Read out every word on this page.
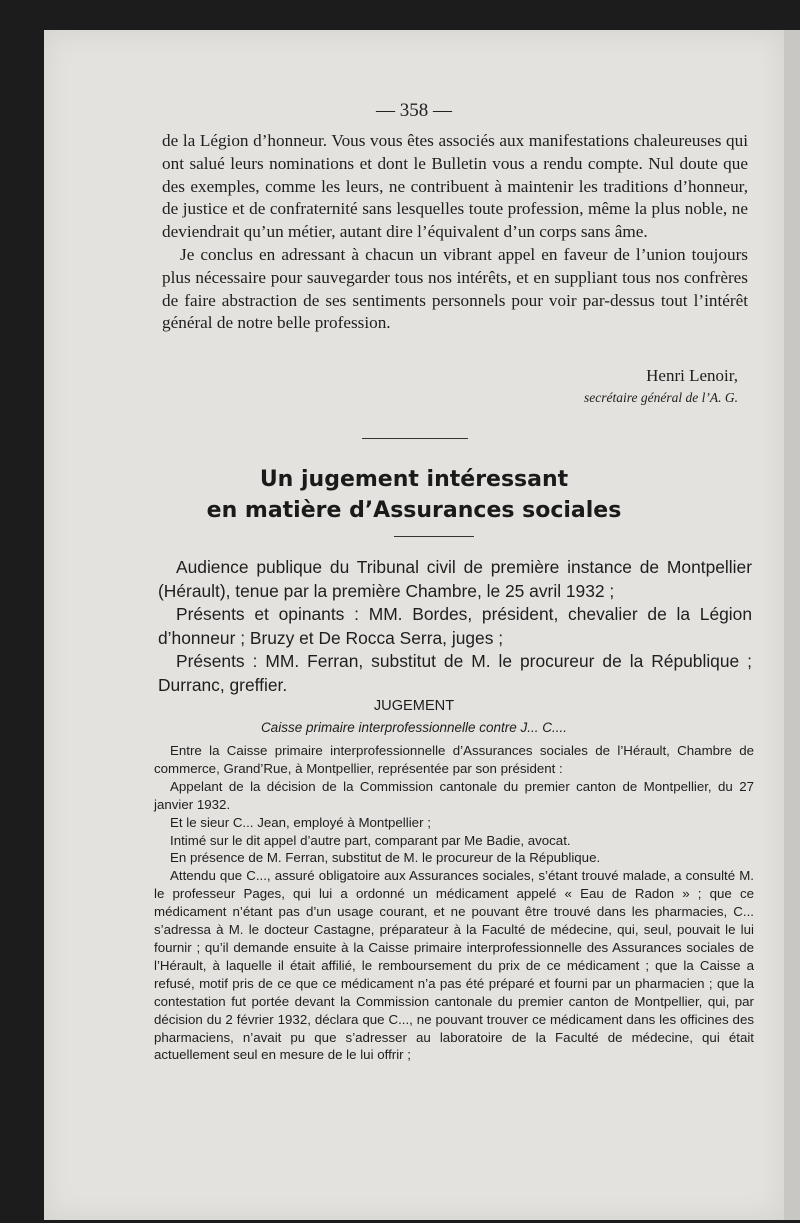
— 358 —

de la Légion d’honneur. Vous vous êtes associés aux manifestations chaleureuses qui ont salué leurs nominations et dont le Bulletin vous a rendu compte. Nul doute que des exemples, comme les leurs, ne contribuent à maintenir les traditions d’honneur, de justice et de confraternité sans lesquelles toute profession, même la plus noble, ne deviendrait qu’un métier, autant dire l’équivalent d’un corps sans âme.

Je conclus en adressant à chacun un vibrant appel en faveur de l’union toujours plus nécessaire pour sauvegarder tous nos intérêts, et en suppliant tous nos confrères de faire abstraction de ses sentiments personnels pour voir par-dessus tout l’intérêt général de notre belle profession.

Henri Lenoir,
secrétaire général de l’A. G.
Un jugement intéressant
en matière d’Assurances sociales

Audience publique du Tribunal civil de première instance de Montpellier (Hérault), tenue par la première Chambre, le 25 avril 1932 ;

Présents et opinants : MM. Bordes, président, chevalier de la Légion d’honneur ; Bruzy et De Rocca Serra, juges ;

Présents : MM. Ferran, substitut de M. le procureur de la République ; Durranc, greffier.

JUGEMENT
Caisse primaire interprofessionnelle contre J... C....

Entre la Caisse primaire interprofessionnelle d’Assurances sociales de l’Hérault, Chambre de commerce, Grand’Rue, à Montpellier, représentée par son président :

Appelant de la décision de la Commission cantonale du premier canton de Montpellier, du 27 janvier 1932.

Et le sieur C... Jean, employé à Montpellier ;

Intimé sur le dit appel d’autre part, comparant par Me Badie, avocat.

En présence de M. Ferran, substitut de M. le procureur de la République.

Attendu que C..., assuré obligatoire aux Assurances sociales, s’étant trouvé malade, a consulté M. le professeur Pages, qui lui a ordonné un médicament appelé « Eau de Radon » ; que ce médicament n’étant pas d’un usage courant, et ne pouvant être trouvé dans les pharmacies, C... s’adressa à M. le docteur Castagne, préparateur à la Faculté de médecine, qui, seul, pouvait le lui fournir ; qu’il demande ensuite à la Caisse primaire interprofessionnelle des Assurances sociales de l’Hérault, à laquelle il était affilié, le remboursement du prix de ce médicament ; que la Caisse a refusé, motif pris de ce que ce médicament n’a pas été préparé et fourni par un pharmacien ; que la contestation fut portée devant la Commission cantonale du premier canton de Montpellier, qui, par décision du 2 février 1932, déclara que C..., ne pouvant trouver ce médicament dans les officines des pharmaciens, n’avait pu que s’adresser au laboratoire de la Faculté de médecine, qui était actuellement seul en mesure de le lui offrir ;
